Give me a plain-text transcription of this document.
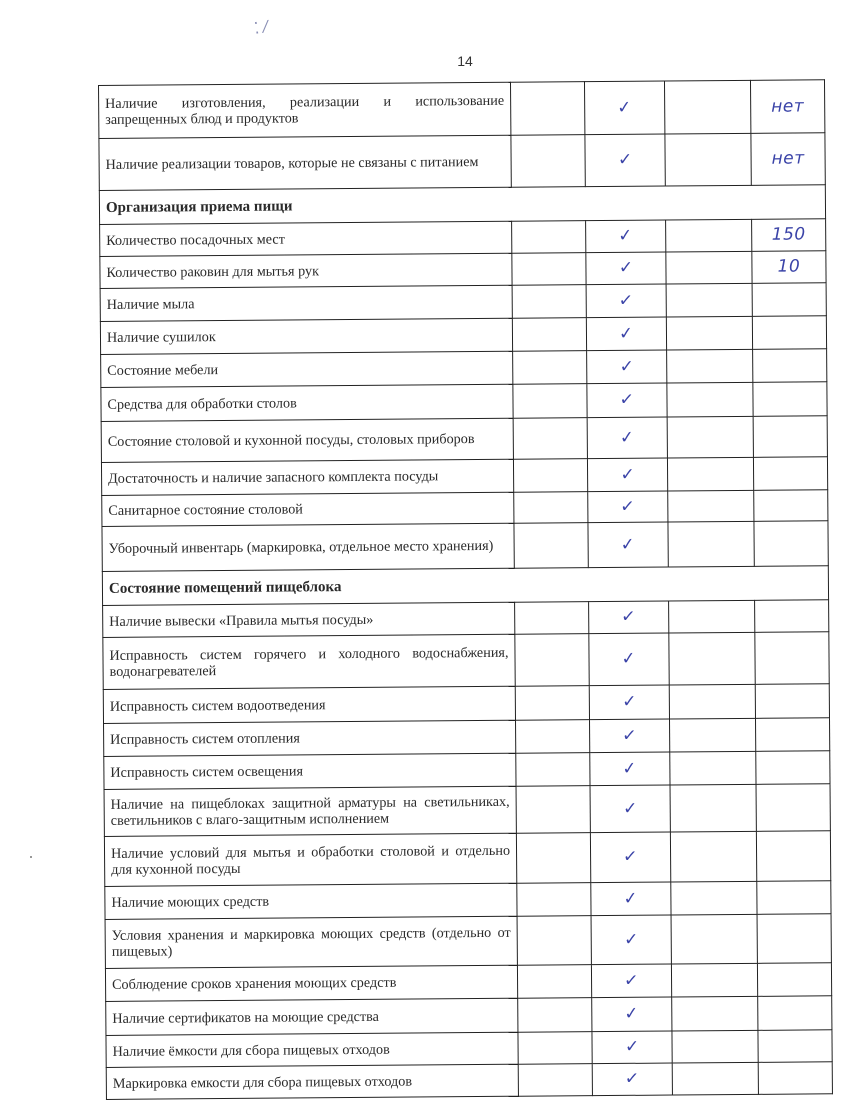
⁚ ⁄
14
Наличие изготовления, реализации и использование запрещенных блюд и продуктов		✓		нет
Наличие реализации товаров, которые не связаны с питанием		✓		нет
Организация приема пищи				
Количество посадочных мест		✓		150
Количество раковин для мытья рук		✓		10
Наличие мыла		✓		
Наличие сушилок		✓		
Состояние мебели		✓		
Средства для обработки столов		✓		
Состояние столовой и кухонной посуды, столовых приборов		✓		
Достаточность и наличие запасного комплекта посуды		✓		
Санитарное состояние столовой		✓		
Уборочный инвентарь (маркировка, отдельное место хранения)		✓		
Состояние помещений пищеблока				
Наличие вывески «Правила мытья посуды»		✓		
Исправность систем горячего и холодного водоснабжения, водонагревателей		✓		
Исправность систем водоотведения		✓		
Исправность систем отопления		✓		
Исправность систем освещения		✓		
Наличие на пищеблоках защитной арматуры на светильниках, светильников с влаго-защитным исполнением		✓		
Наличие условий для мытья и обработки столовой и отдельно для кухонной посуды		✓		
Наличие моющих средств		✓		
Условия хранения и маркировка моющих средств (отдельно от пищевых)		✓		
Соблюдение сроков хранения моющих средств		✓		
Наличие сертификатов на моющие средства		✓		
Наличие ёмкости для сбора пищевых отходов		✓		
Маркировка емкости для сбора пищевых отходов		✓		
